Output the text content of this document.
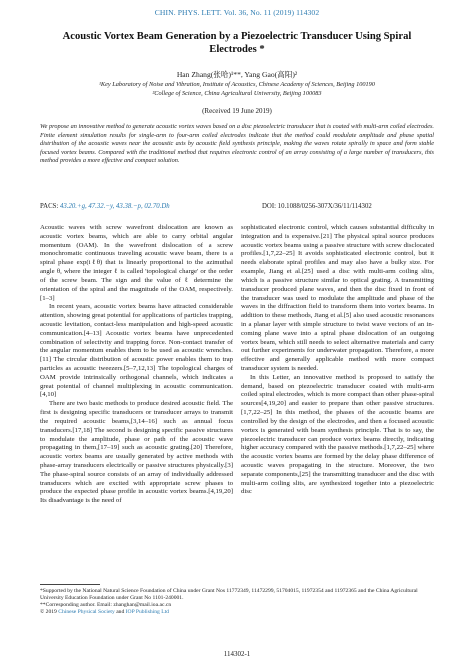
CHIN. PHYS. LETT. Vol. 36, No. 11 (2019) 114302
Acoustic Vortex Beam Generation by a Piezoelectric Transducer Using Spiral Electrodes *
Han Zhang(张哈)¹**, Yang Gao(高阳)²
¹Key Laboratory of Noise and Vibration, Institute of Acoustics, Chinese Academy of Sciences, Beijing 100190
²College of Science, China Agricultural University, Beijing 100083
(Received 19 June 2019)
We propose an innovative method to generate acoustic vortex waves based on a disc piezoelectric transducer that is coated with multi-arm coiled electrodes. Finite element simulation results for single-arm to four-arm coiled electrodes indicate that the method could modulate amplitude and phase spatial distribution of the acoustic waves near the acoustic axis by acoustic field synthesis principle, making the waves rotate spirally in space and form stable focused vortex beams. Compared with the traditional method that requires electronic control of an array consisting of a large number of transducers, this method provides a more effective and compact solution.
PACS: 43.20.+g, 47.32.−y, 43.38.−p, 02.70.Dh	DOI: 10.1088/0256-307X/36/11/114302

Acoustic waves with screw wavefront dislocation are known as acoustic vortex beams, which are able to carry orbital angular momentum (OAM). In the wavefront dislocation of a screw monochromatic continuous traveling acoustic wave beam, there is a spiral phase exp(iℓθ) that is linearly proportional to the azimuthal angle θ, where the integer ℓ is called 'topological charge' or the order of the screw beam. The sign and the value of ℓ determine the orientation of the spiral and the magnitude of the OAM, respectively.[1–3]

In recent years, acoustic vortex beams have attracted considerable attention, showing great potential for applications of particles trapping, acoustic levitation, contact-less manipulation and high-speed acoustic communication.[4–13] Acoustic vortex beams have unprecedented combination of selectivity and trapping force. Non-contact transfer of the angular momentum enables them to be used as acoustic wrenches.[11] The circular distribution of acoustic power enables them to trap particles as acoustic tweezers.[5–7,12,13] The topological charges of OAM provide intrinsically orthogonal channels, which indicates a great potential of channel multiplexing in acoustic communication.[4,10]

There are two basic methods to produce desired acoustic field. The first is designing specific transducers or transducer arrays to transmit the required acoustic beams,[3,14–16] such as annual focus transducers.[17,18] The second is designing specific passive structures to modulate the amplitude, phase or path of the acoustic wave propagating in them,[17–19] such as acoustic grating.[20] Therefore, acoustic vortex beams are usually generated by active methods with phase-array transducers electrically or passive structures physically.[3] The phase-spiral source consists of an array of individually addressed transducers which are excited with appropriate screw phases to produce the expected phase profile in acoustic vortex beams.[4,19,20] Its disadvantage is the need of

sophisticated electronic control, which causes substantial difficulty in integration and is expensive.[21] The physical spiral source produces acoustic vortex beams using a passive structure with screw disclocated profiles.[1,7,22–25] It avoids sophisticated electronic control, but it needs elaborate spiral profiles and may also have a bulky size. For example, Jiang et al.[25] used a disc with multi-arm coiling slits, which is a passive structure similar to optical grating. A transmitting transducer produced plane waves, and then the disc fixed in front of the transducer was used to modulate the amplitude and phase of the waves in the diffraction field to transform them into vortex beams. In addition to these methods, Jiang et al.[5] also used acoustic resonances in a planar layer with simple structure to twist wave vectors of an in-coming plane wave into a spiral phase dislocation of an outgoing vortex beam, which still needs to select alternative materials and carry out further experiments for underwater propagation. Therefore, a more effective and generally applicable method with more compact transducer system is needed.

In this Letter, an innovative method is proposed to satisfy the demand, based on piezoelectric transducer coated with multi-arm coiled spiral electrodes, which is more compact than other phase-spiral sources[4,19,20] and easier to prepare than other passive structures.[1,7,22–25] In this method, the phases of the acoustic beams are controlled by the design of the electrodes, and then a focused acoustic vortex is generated with beam synthesis principle. That is to say, the piezoelectric transducer can produce vortex beams directly, indicating higher accuracy compared with the passive methods.[1,7,22–25] where the acoustic vortex beams are formed by the delay phase difference of acoustic waves propagating in the structure. Moreover, the two separate components,[25] the transmitting transducer and the disc with multi-arm coiling slits, are synthesized together into a piezoelectric disc

*Supported by the National Natural Science Foundation of China under Grant Nos 11772349, 11472299, 51704015, 11972354 and 11972365 and the China Agricultural University Education Foundation under Grant No 1101-240001.
**Corresponding author. Email: zhanghan@mail.ioa.ac.cn
© 2019 Chinese Physical Society and IOP Publishing Ltd
114302-1
